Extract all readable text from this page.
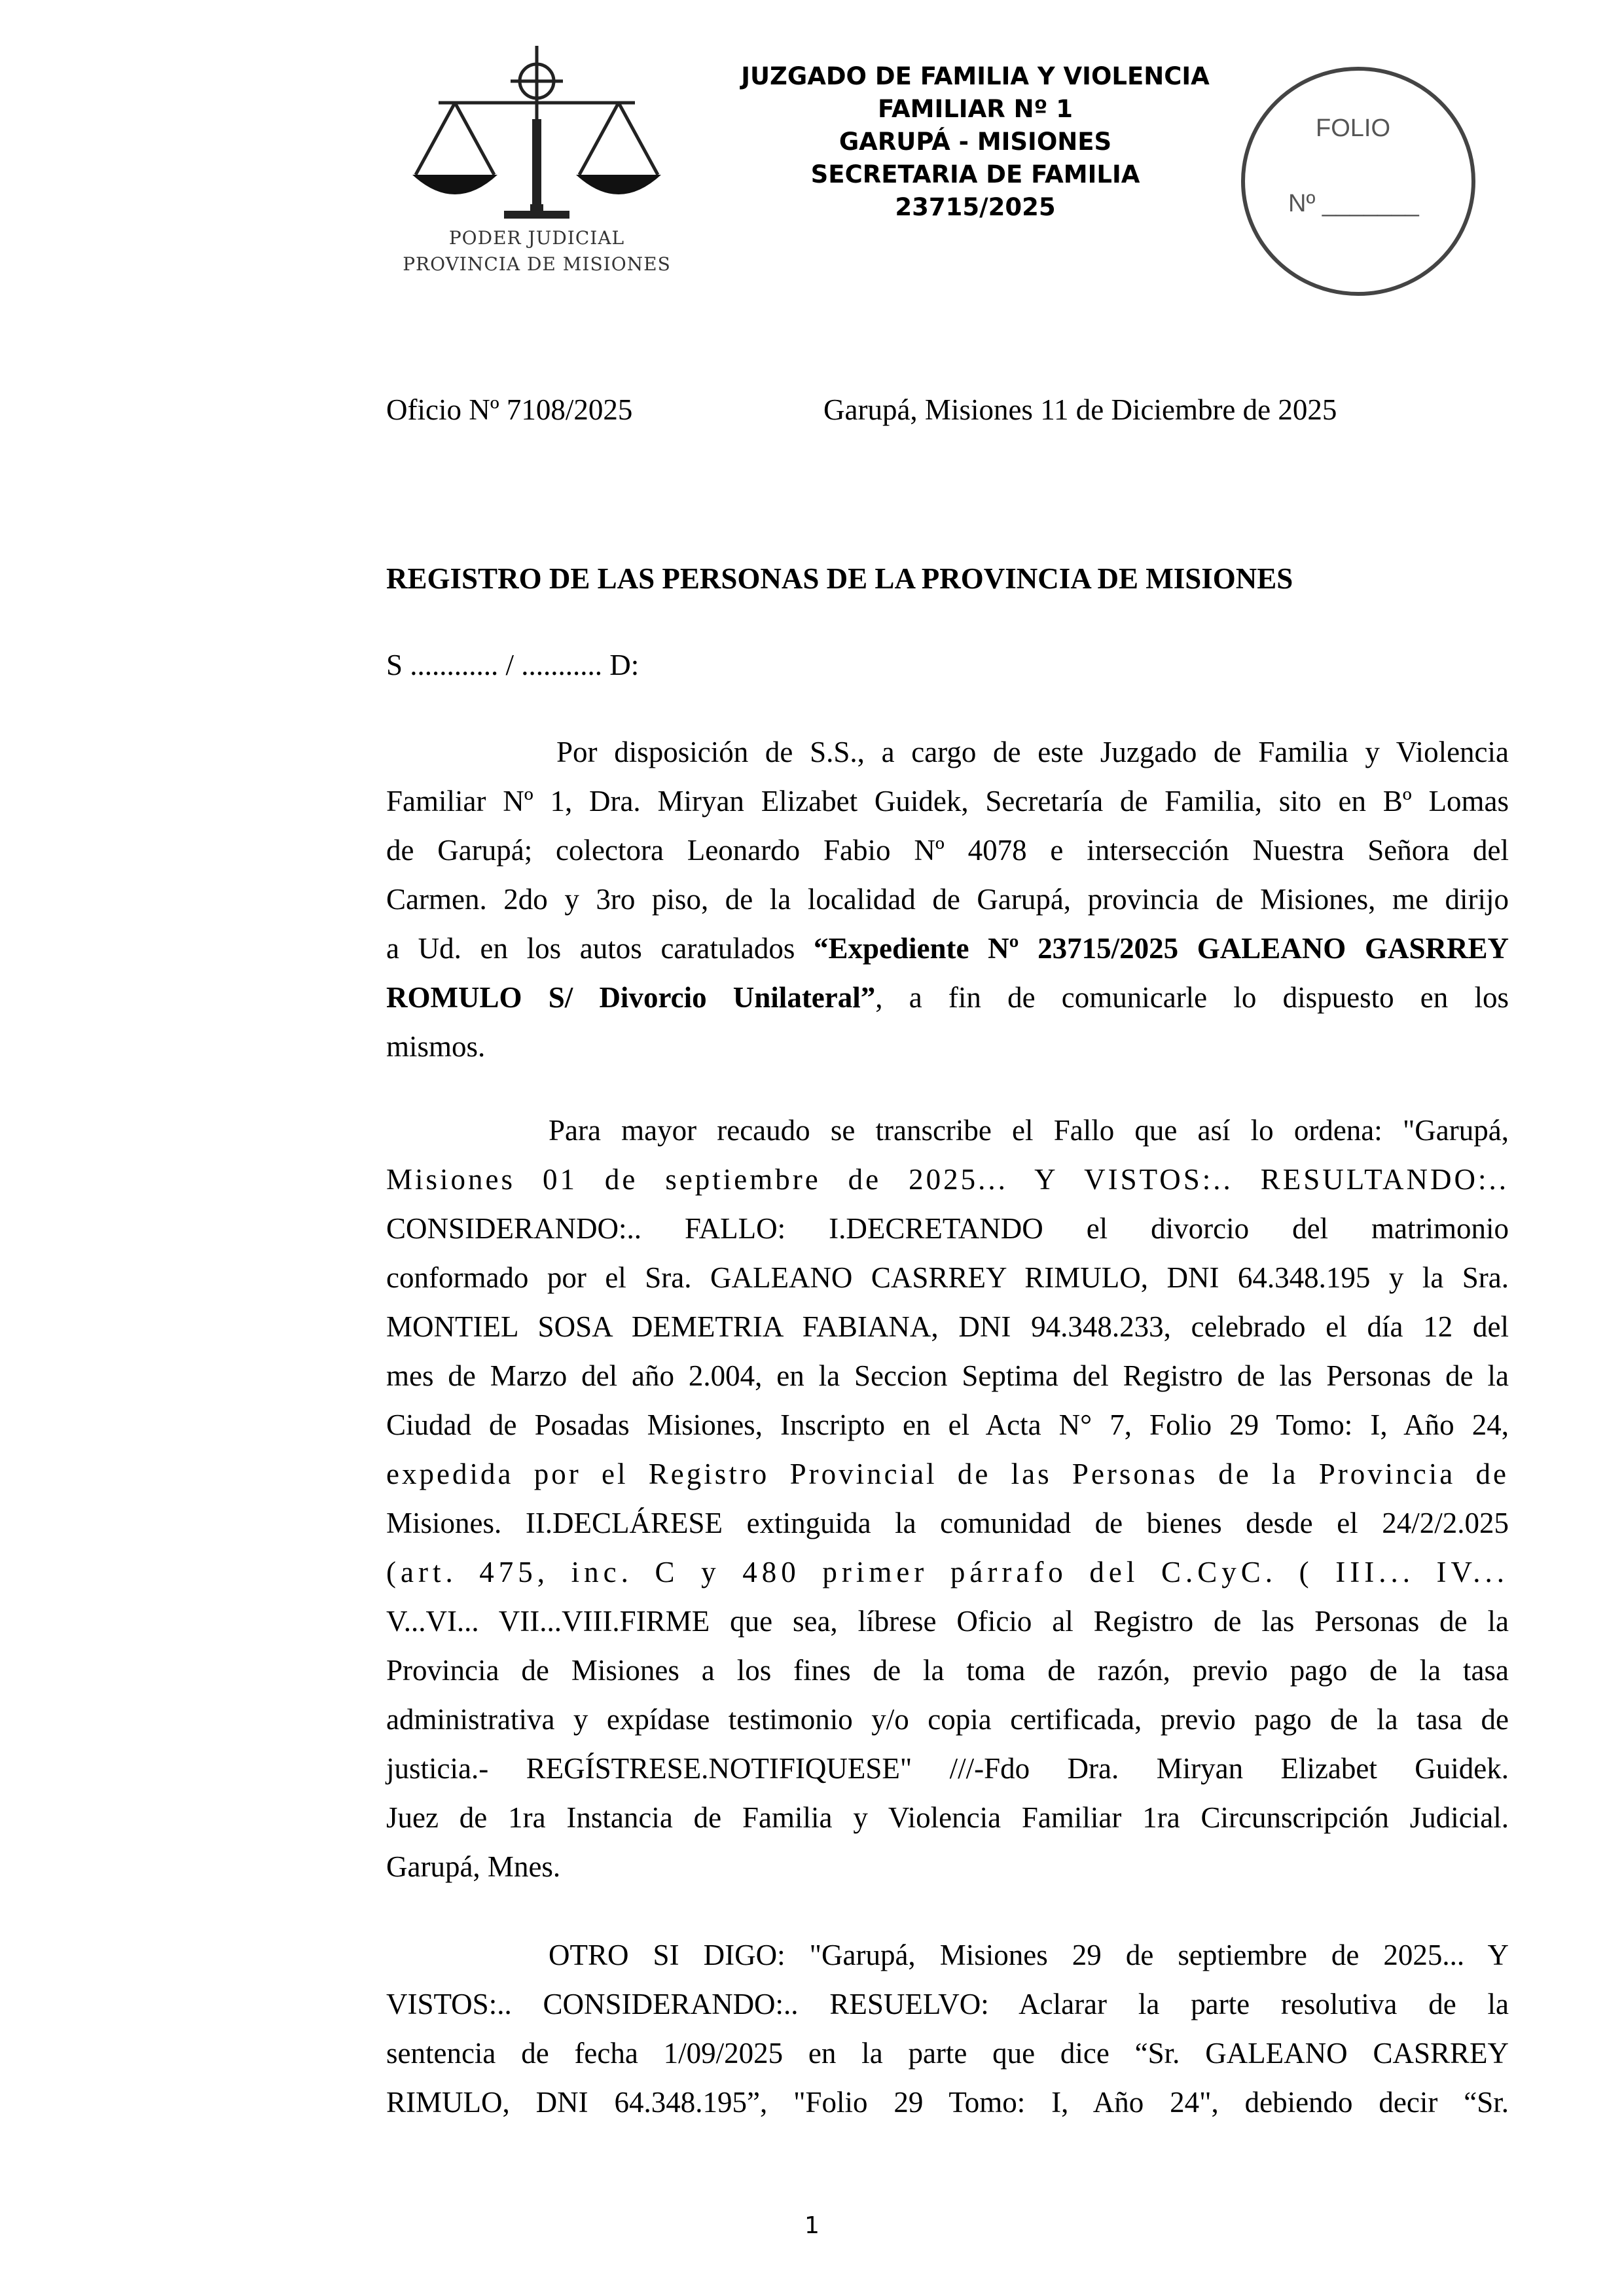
PODER JUDICIAL
PROVINCIA DE MISIONES
JUZGADO DE FAMILIA Y VIOLENCIA
FAMILIAR Nº 1
GARUPÁ - MISIONES
SECRETARIA DE FAMILIA
23715/2025
FOLIO
Nº _______
Oficio Nº 7108/2025	Garupá, Misiones 11 de Diciembre de 2025
REGISTRO DE LAS PERSONAS DE LA PROVINCIA DE MISIONES
S ............ / ........... D:
Por disposición de S.S., a cargo de este Juzgado de Familia y Violencia
Familiar Nº 1, Dra. Miryan Elizabet Guidek, Secretaría de Familia, sito en Bº Lomas
de Garupá; colectora Leonardo Fabio Nº 4078 e intersección Nuestra Señora del
Carmen. 2do y 3ro piso, de la localidad de Garupá, provincia de Misiones, me dirijo
a Ud. en los autos caratulados “Expediente Nº 23715/2025 GALEANO GASRREY
ROMULO S/ Divorcio Unilateral”, a fin de comunicarle lo dispuesto en los
mismos.
Para mayor recaudo se transcribe el Fallo que así lo ordena: "Garupá,
Misiones 01 de septiembre de 2025... Y VISTOS:.. RESULTANDO:..
CONSIDERANDO:.. FALLO: I.DECRETANDO el divorcio del matrimonio
conformado por el Sra. GALEANO CASRREY RIMULO, DNI 64.348.195 y la Sra.
MONTIEL SOSA DEMETRIA FABIANA, DNI 94.348.233, celebrado el día 12 del
mes de Marzo del año 2.004, en la Seccion Septima del Registro de las Personas de la
Ciudad de Posadas Misiones, Inscripto en el Acta N° 7, Folio 29 Tomo: I, Año 24,
expedida por el Registro Provincial de las Personas de la Provincia de
Misiones. II.DECLÁRESE extinguida la comunidad de bienes desde el 24/2/2.025
(art. 475, inc. C y 480 primer párrafo del C.CyC. ( III... IV...
V...VI... VII...VIII.FIRME que sea, líbrese Oficio al Registro de las Personas de la
Provincia de Misiones a los fines de la toma de razón, previo pago de la tasa
administrativa y expídase testimonio y/o copia certificada, previo pago de la tasa de
justicia.- REGÍSTRESE.NOTIFIQUESE" ///-Fdo Dra. Miryan Elizabet Guidek.
Juez de 1ra Instancia de Familia y Violencia Familiar 1ra Circunscripción Judicial.
Garupá, Mnes.
OTRO SI DIGO: "Garupá, Misiones 29 de septiembre de 2025... Y
VISTOS:.. CONSIDERANDO:.. RESUELVO: Aclarar la parte resolutiva de la
sentencia de fecha 1/09/2025 en la parte que dice “Sr. GALEANO CASRREY
RIMULO, DNI 64.348.195”, "Folio 29 Tomo: I, Año 24", debiendo decir “Sr.
1
